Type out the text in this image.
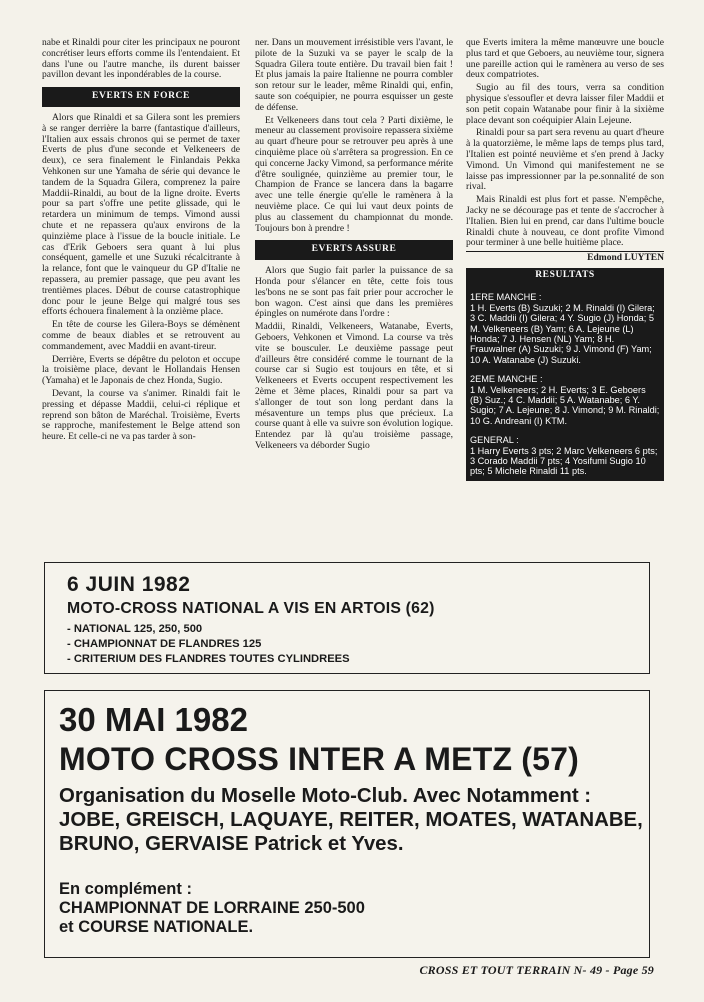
nabe et Rinaldi pour citer les principaux ne pouront concrétiser leurs efforts comme ils l'entendaient. Et dans l'une ou l'autre manche, ils durent baisser pavillon devant les inpondérables de la course.

EVERTS EN FORCE

Alors que Rinaldi et sa Gilera sont les premiers à se ranger derrière la barre (fantastique d'ailleurs, l'Italien aux essais chronos qui se permet de taxer Everts de plus d'une seconde et Velkeneers de deux), ce sera finalement le Finlandais Pekka Vehkonen sur une Yamaha de série qui devance le tandem de la Squadra Gilera, comprenez la paire Maddii-Rinaldi, au bout de la ligne droite. Everts pour sa part s'offre une petite glissade, qui le retardera un minimum de temps. Vimond aussi chute et ne repassera qu'aux environs de la quinzième place à l'issue de la boucle initiale. Le cas d'Erik Geboers sera quant à lui plus conséquent, gamelle et une Suzuki récalcitrante à la relance, font que le vainqueur du GP d'Italie ne repassera, au premier passage, que peu avant les trentièmes places. Début de course catastrophique donc pour le jeune Belge qui malgré tous ses efforts échouera finalement à la onzième place.

En tête de course les Gilera-Boys se démènent comme de beaux diables et se retrouvent au commandement, avec Maddii en avant-tireur.

Derrière, Everts se dépêtre du peloton et occupe la troisième place, devant le Hollandais Hensen (Yamaha) et le Japonais de chez Honda, Sugio.

Devant, la course va s'animer. Rinaldi fait le pressing et dépasse Maddii, celui-ci réplique et reprend son bâton de Maréchal. Troisième, Everts se rapproche, manifestement le Belge attend son heure. Et celle-ci ne va pas tarder à son-

ner. Dans un mouvement irrésistible vers l'avant, le pilote de la Suzuki va se payer le scalp de la Squadra Gilera toute entière. Du travail bien fait ! Et plus jamais la paire Italienne ne pourra combler son retour sur le leader, même Rinaldi qui, enfin, saute son coéquipier, ne pourra esquisser un geste de défense.

Et Velkeneers dans tout cela ? Parti dixième, le meneur au classement provisoire repassera sixième au quart d'heure pour se retrouver peu après à une cinquième place où s'arrêtera sa progression. En ce qui concerne Jacky Vimond, sa performance mérite d'être soulignée, quinzième au premier tour, le Champion de France se lancera dans la bagarre avec une telle énergie qu'elle le ramènera à la neuvième place. Ce qui lui vaut deux points de plus au classement du championnat du monde. Toujours bon à prendre !

EVERTS ASSURE

Alors que Sugio fait parler la puissance de sa Honda pour s'élancer en tête, cette fois tous les'bons ne se sont pas fait prier pour accrocher le bon wagon. C'est ainsi que dans les premières épingles on numérote dans l'ordre :

Maddii, Rinaldi, Velkeneers, Watanabe, Everts, Geboers, Vehkonen et Vimond. La course va très vite se bousculer. Le deuxième passage peut d'ailleurs être considéré comme le tournant de la course car si Sugio est toujours en tête, et si Velkeneers et Everts occupent respectivement les 2ème et 3ème places, Rinaldi pour sa part va s'allonger de tout son long perdant dans la mésaventure un temps plus que précieux. La course quant à elle va suivre son évolution logique. Entendez par là qu'au troisième passage, Velkeneers va déborder Sugio

que Everts imitera la même manœuvre une boucle plus tard et que Geboers, au neuvième tour, signera une pareille action qui le ramènera au verso de ses deux compatriotes.

Sugio au fil des tours, verra sa condition physique s'essoufler et devra laisser filer Maddii et son petit copain Watanabe pour finir à la sixième place devant son coéquipier Alain Lejeune.

Rinaldi pour sa part sera revenu au quart d'heure à la quatorzième, le même laps de temps plus tard, l'Italien est pointé neuvième et s'en prend à Jacky Vimond. Un Vimond qui manifestement ne se laisse pas impressionner par la pe.sonnalité de son rival.

Mais Rinaldi est plus fort et passe. N'empêche, Jacky ne se décourage pas et tente de s'accrocher à l'Italien. Bien lui en prend, car dans l'ultime boucle Rinaldi chute à nouveau, ce dont profite Vimond pour terminer à une belle huitième place.

Edmond LUYTEN
RESULTATS
1ERE MANCHE :
1 H. Everts (B) Suzuki; 2 M. Rinaldi (I) Gilera; 3 C. Maddii (I) Gilera; 4 Y. Sugio (J) Honda; 5 M. Velkeneers (B) Yam; 6 A. Lejeune (L) Honda; 7 J. Hensen (NL) Yam; 8 H. Frauwalner (A) Suzuki; 9 J. Vimond (F) Yam; 10 A. Watanabe (J) Suzuki.
2EME MANCHE :
1 M. Velkeneers; 2 H. Everts; 3 E. Geboers (B) Suz.; 4 C. Maddii; 5 A. Watanabe; 6 Y. Sugio; 7 A. Lejeune; 8 J. Vimond; 9 M. Rinaldi; 10 G. Andreani (I) KTM.
GENERAL :
1 Harry Everts 3 pts; 2 Marc Velkeneers 6 pts; 3 Corado Maddii 7 pts; 4 Yosifumi Sugio 10 pts; 5 Michele Rinaldi 11 pts.
6 JUIN 1982
MOTO-CROSS NATIONAL A VIS EN ARTOIS (62)
- NATIONAL 125, 250, 500
- CHAMPIONNAT DE FLANDRES 125
- CRITERIUM DES FLANDRES TOUTES CYLINDREES
30 MAI 1982
MOTO CROSS INTER A METZ (57)
Organisation du Moselle Moto-Club. Avec Notamment : JOBE, GREISCH, LAQUAYE, REITER, MOATES, WATANABE, BRUNO, GERVAISE Patrick et Yves.
En complément :
CHAMPIONNAT DE LORRAINE 250-500
et COURSE NATIONALE.
CROSS ET TOUT TERRAIN N- 49 - Page 59
